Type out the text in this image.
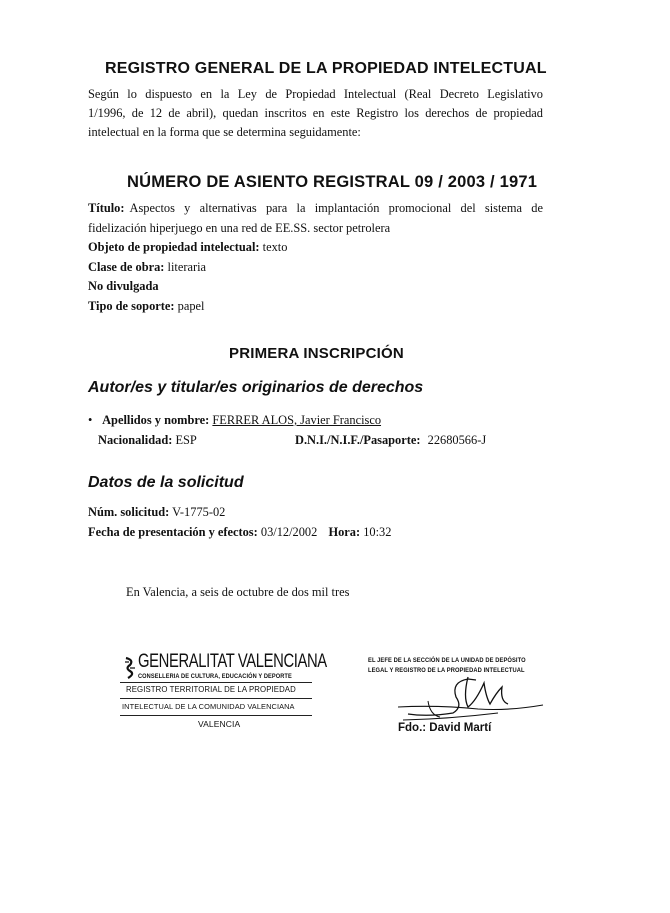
REGISTRO GENERAL DE LA PROPIEDAD INTELECTUAL
Según lo dispuesto en la Ley de Propiedad Intelectual (Real Decreto Legislativo
1/1996, de 12 de abril), quedan inscritos en este Registro los derechos de propiedad
intelectual en la forma que se determina seguidamente:
NÚMERO DE ASIENTO REGISTRAL 09 / 2003 / 1971
Título: Aspectos y alternativas para la implantación promocional del sistema de
fidelización hiperjuego en una red de EE.SS. sector petrolera
Objeto de propiedad intelectual: texto
Clase de obra: literaria
No divulgada
Tipo de soporte: papel
PRIMERA INSCRIPCIÓN
Autor/es y titular/es originarios de derechos
• Apellidos y nombre: FERRER ALOS, Javier Francisco
Nacionalidad: ESP	D.N.I./N.I.F./Pasaporte: 22680566-J
Datos de la solicitud
Núm. solicitud: V-1775-02
Fecha de presentación y efectos: 03/12/2002 Hora: 10:32
En Valencia, a seis de octubre de dos mil tres
GENERALITAT VALENCIANA
CONSELLERIA DE CULTURA, EDUCACIÓN Y DEPORTE
REGISTRO TERRITORIAL DE LA PROPIEDAD
INTELECTUAL DE LA COMUNIDAD VALENCIANA
VALENCIA
EL JEFE DE LA SECCIÓN DE LA UNIDAD DE DEPÓSITO
LEGAL Y REGISTRO DE LA PROPIEDAD INTELECTUAL
Fdo.: David Martí
